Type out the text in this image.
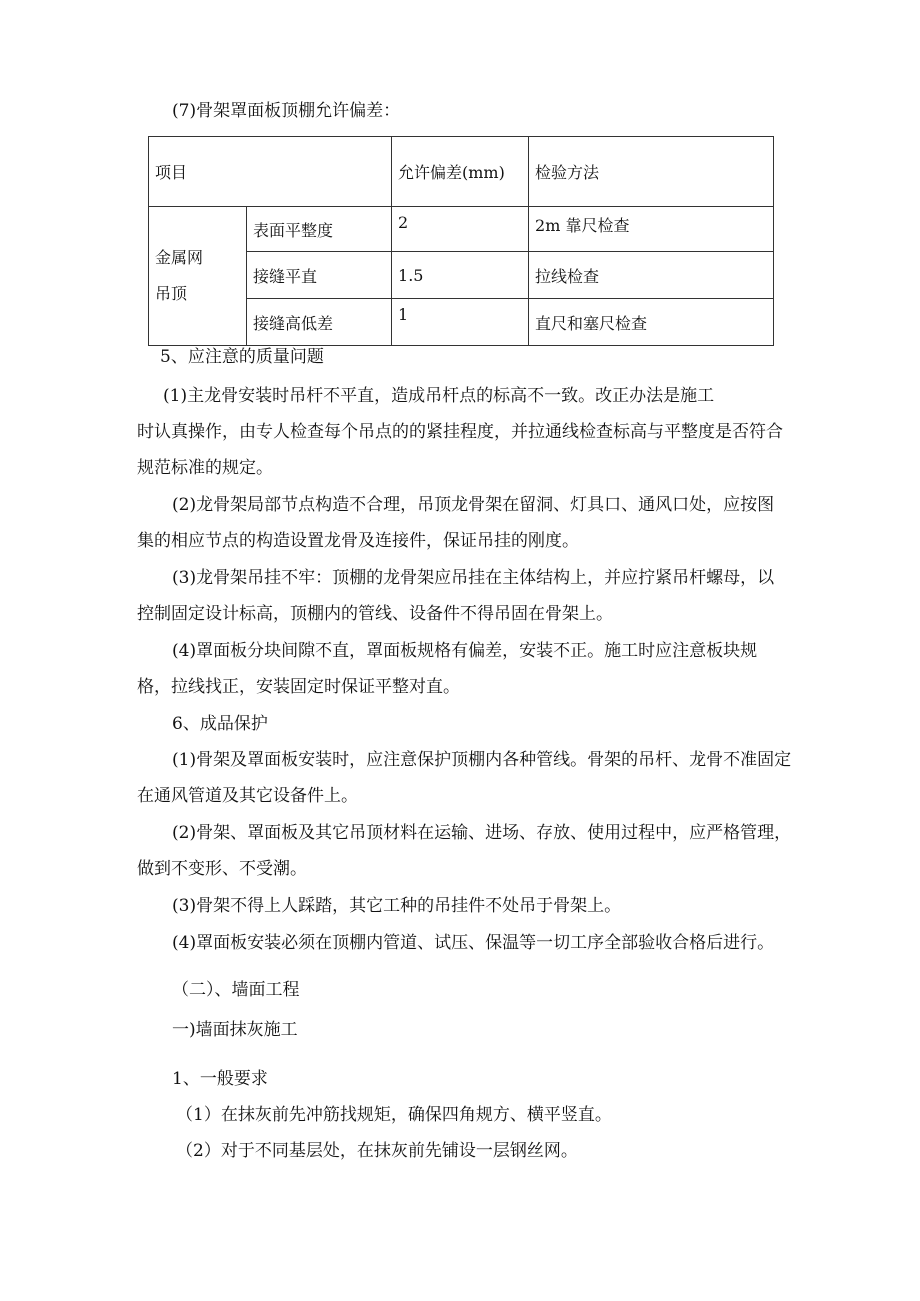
(7)骨架罩面板顶棚允许偏差：
项目		允许偏差(mm)	检验方法

金属网
吊顶	表面平整度	2	2m 靠尺检查
	接缝平直	1.5	拉线检查
	接缝高低差	1	直尺和塞尺检查
5、应注意的质量问题
(1)主龙骨安装时吊杆不平直，造成吊杆点的标高不一致。改正办法是施工
时认真操作，由专人检查每个吊点的的紧挂程度，并拉通线检查标高与平整度是否符合
规范标准的规定。
(2)龙骨架局部节点构造不合理，吊顶龙骨架在留洞、灯具口、通风口处，应按图
集的相应节点的构造设置龙骨及连接件，保证吊挂的刚度。
(3)龙骨架吊挂不牢：顶棚的龙骨架应吊挂在主体结构上，并应拧紧吊杆螺母，以
控制固定设计标高，顶棚内的管线、设备件不得吊固在骨架上。
(4)罩面板分块间隙不直，罩面板规格有偏差，安装不正。施工时应注意板块规
格，拉线找正，安装固定时保证平整对直。
6、成品保护
(1)骨架及罩面板安装时，应注意保护顶棚内各种管线。骨架的吊杆、龙骨不准固定
在通风管道及其它设备件上。
(2)骨架、罩面板及其它吊顶材料在运输、进场、存放、使用过程中，应严格管理，
做到不变形、不受潮。
(3)骨架不得上人踩踏，其它工种的吊挂件不处吊于骨架上。
(4)罩面板安装必须在顶棚内管道、试压、保温等一切工序全部验收合格后进行。
（二）、墙面工程
一)墙面抹灰施工
1、一般要求
（1）在抹灰前先冲筋找规矩，确保四角规方、横平竖直。
（2）对于不同基层处，在抹灰前先铺设一层钢丝网。
